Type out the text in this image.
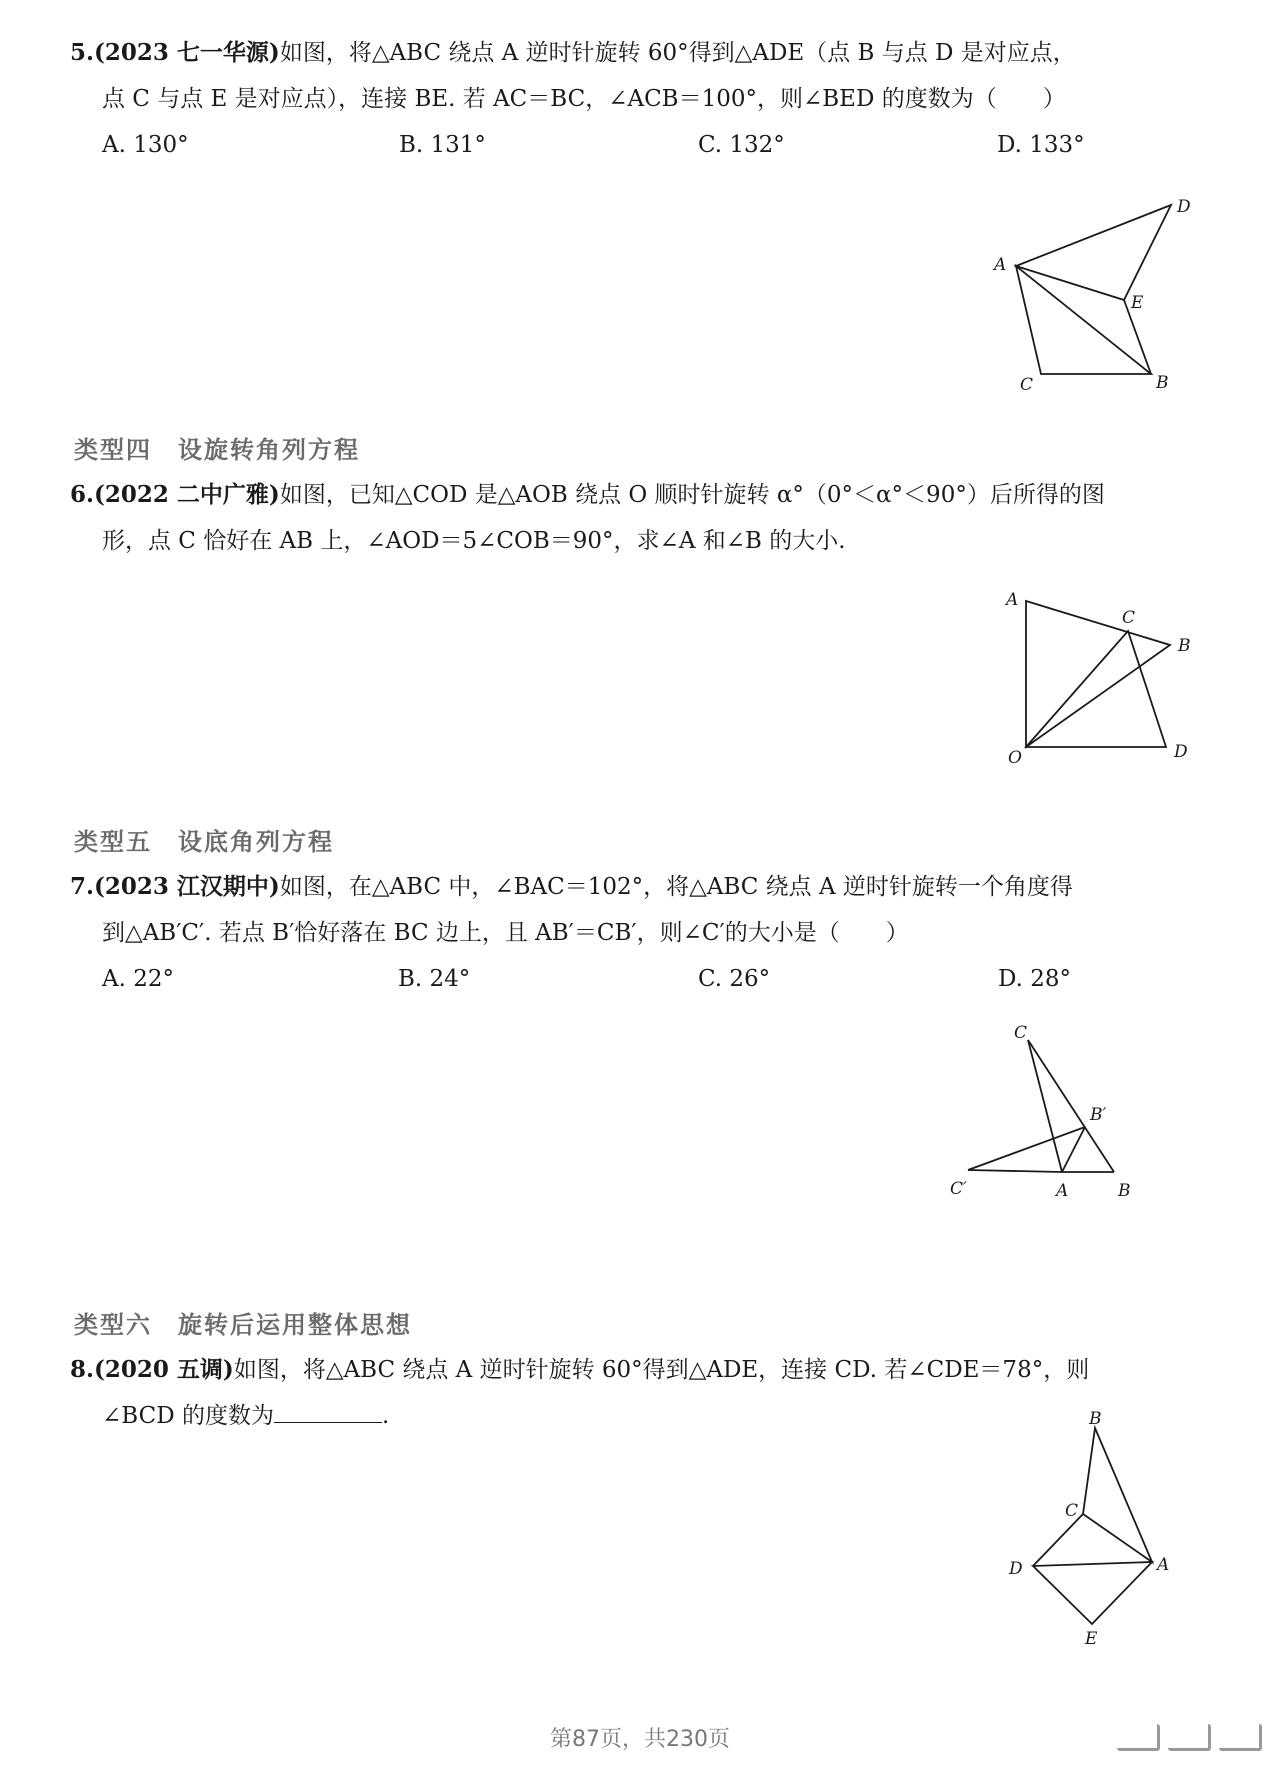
5.(2023 七一华源)如图，将△ABC 绕点 A 逆时针旋转 60°得到△ADE（点 B 与点 D 是对应点，
点 C 与点 E 是对应点），连接 BE. 若 AC＝BC，∠ACB＝100°，则∠BED 的度数为（　　）
A. 130°	B. 131°	C. 132°	D. 133°
A
B
C
D
E
类型四 设旋转角列方程
6.(2022 二中广雅)如图，已知△COD 是△AOB 绕点 O 顺时针旋转 α°（0°＜α°＜90°）后所得的图
形，点 C 恰好在 AB 上，∠AOD＝5∠COB＝90°，求∠A 和∠B 的大小.
A
B
C
D
O
类型五 设底角列方程
7.(2023 江汉期中)如图，在△ABC 中，∠BAC＝102°，将△ABC 绕点 A 逆时针旋转一个角度得
到△AB′C′. 若点 B′恰好落在 BC 边上，且 AB′＝CB′，则∠C′的大小是（　　）
A. 22°	B. 24°	C. 26°	D. 28°
C
B′
C′	A	B
类型六 旋转后运用整体思想
8.(2020 五调)如图，将△ABC 绕点 A 逆时针旋转 60°得到△ADE，连接 CD. 若∠CDE＝78°，则
∠BCD 的度数为	.	B
C
D	A
E
第87页，共230页
